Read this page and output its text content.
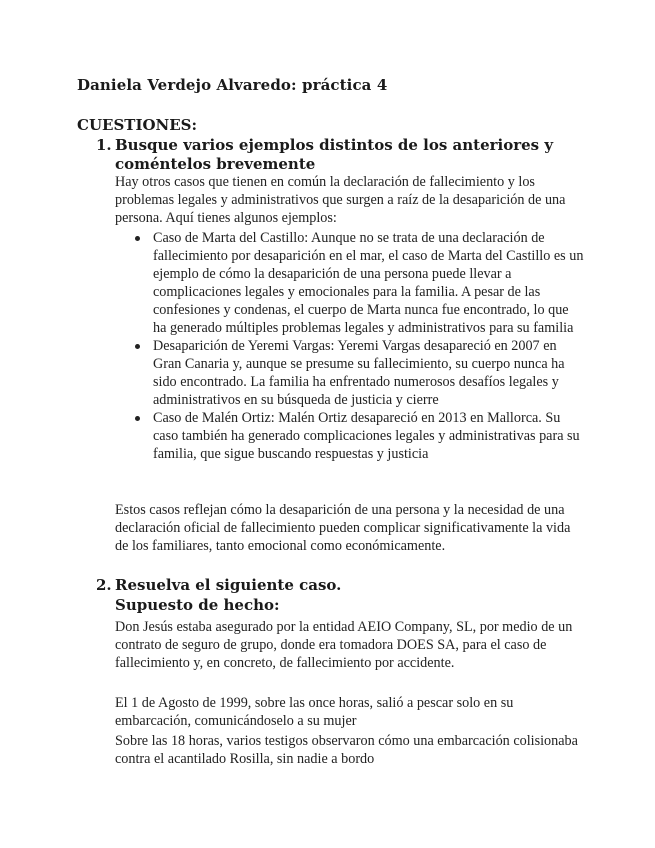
Daniela Verdejo Alvaredo: práctica 4
CUESTIONES:
1. Busque varios ejemplos distintos de los anteriores y coméntelos brevemente
Hay otros casos que tienen en común la declaración de fallecimiento y los problemas legales y administrativos que surgen a raíz de la desaparición de una persona. Aquí tienes algunos ejemplos:
Caso de Marta del Castillo: Aunque no se trata de una declaración de fallecimiento por desaparición en el mar, el caso de Marta del Castillo es un ejemplo de cómo la desaparición de una persona puede llevar a complicaciones legales y emocionales para la familia. A pesar de las confesiones y condenas, el cuerpo de Marta nunca fue encontrado, lo que ha generado múltiples problemas legales y administrativos para su familia
Desaparición de Yeremi Vargas: Yeremi Vargas desapareció en 2007 en Gran Canaria y, aunque se presume su fallecimiento, su cuerpo nunca ha sido encontrado. La familia ha enfrentado numerosos desafíos legales y administrativos en su búsqueda de justicia y cierre
Caso de Malén Ortiz: Malén Ortiz desapareció en 2013 en Mallorca. Su caso también ha generado complicaciones legales y administrativas para su familia, que sigue buscando respuestas y justicia
Estos casos reflejan cómo la desaparición de una persona y la necesidad de una declaración oficial de fallecimiento pueden complicar significativamente la vida de los familiares, tanto emocional como económicamente.
2. Resuelva el siguiente caso.
Supuesto de hecho:
Don Jesús estaba asegurado por la entidad AEIO Company, SL, por medio de un contrato de seguro de grupo, donde era tomadora DOES SA, para el caso de fallecimiento y, en concreto, de fallecimiento por accidente.
El 1 de Agosto de 1999, sobre las once horas, salió a pescar solo en su embarcación, comunicándoselo a su mujer
Sobre las 18 horas, varios testigos observaron cómo una embarcación colisionaba contra el acantilado Rosilla, sin nadie a bordo
